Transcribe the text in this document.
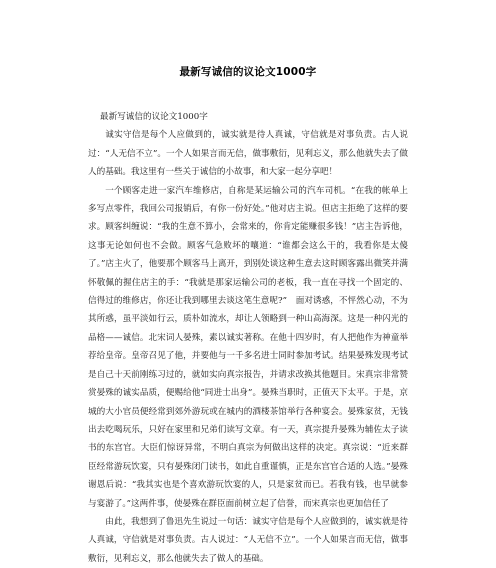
最新写诚信的议论文1000字

最新写诚信的议论文1000字

诚实守信是每个人应做到的，诚实就是待人真诚，守信就是对事负责。古人说过：“人无信不立”。一个人如果言而无信，做事敷衍，见利忘义，那么他就失去了做人的基础。我这里有一些关于诚信的小故事，和大家一起分享吧！

一个顾客走进一家汽车维修店，自称是某运输公司的汽车司机。“在我的帐单上多写点零件，我回公司报销后，有你一份好处。”他对店主说。但店主拒绝了这样的要求。顾客纠缠说：“我的生意不算小，会常来的，你肯定能赚很多钱！”店主告诉他，这事无论如何也不会做。顾客气急败坏的嚷道：“谁都会这么干的，我看你是太傻了。”店主火了，他要那个顾客马上离开，到别处谈这种生意去这时顾客露出微笑并满怀敬佩的握住店主的手：“我就是那家运输公司的老板，我一直在寻找一个固定的、信得过的维修店，你还让我到哪里去谈这笔生意呢?”　面对诱惑，不怦然心动，不为其所惑，虽平淡如行云，质朴如流水，却让人领略到一种山高海深。这是一种闪光的品格——诚信。北宋词人晏殊，素以诚实著称。在他十四岁时，有人把他作为神童举荐给皇帝。皇帝召见了他，并要他与一千多名进士同时参加考试。结果晏殊发现考试是自己十天前刚练习过的，就如实向真宗报告，并请求改换其他题目。宋真宗非常赞赏晏殊的诚实品质，便赐给他“同进士出身”。晏殊当职时，正值天下太平。于是，京城的大小官员便经常到郊外游玩或在城内的酒楼茶馆举行各种宴会。晏殊家贫，无钱出去吃喝玩乐，只好在家里和兄弟们读写文章。有一天，真宗提升晏殊为辅佐太子读书的东宫官。大臣们惊讶异常，不明白真宗为何做出这样的决定。真宗说：“近来群臣经常游玩饮宴，只有晏殊闭门读书，如此自重谨慎，正是东宫官合适的人选。”晏殊谢恩后说：“我其实也是个喜欢游玩饮宴的人，只是家贫而已。若我有钱，也早就参与宴游了。”这两件事，使晏殊在群臣面前树立起了信誉，而宋真宗也更加信任了

由此，我想到了鲁迅先生说过一句话：诚实守信是每个人应做到的，诚实就是待人真诚，守信就是对事负责。古人说过：“人无信不立”。一个人如果言而无信，做事敷衍，见利忘义，那么他就失去了做人的基础。
